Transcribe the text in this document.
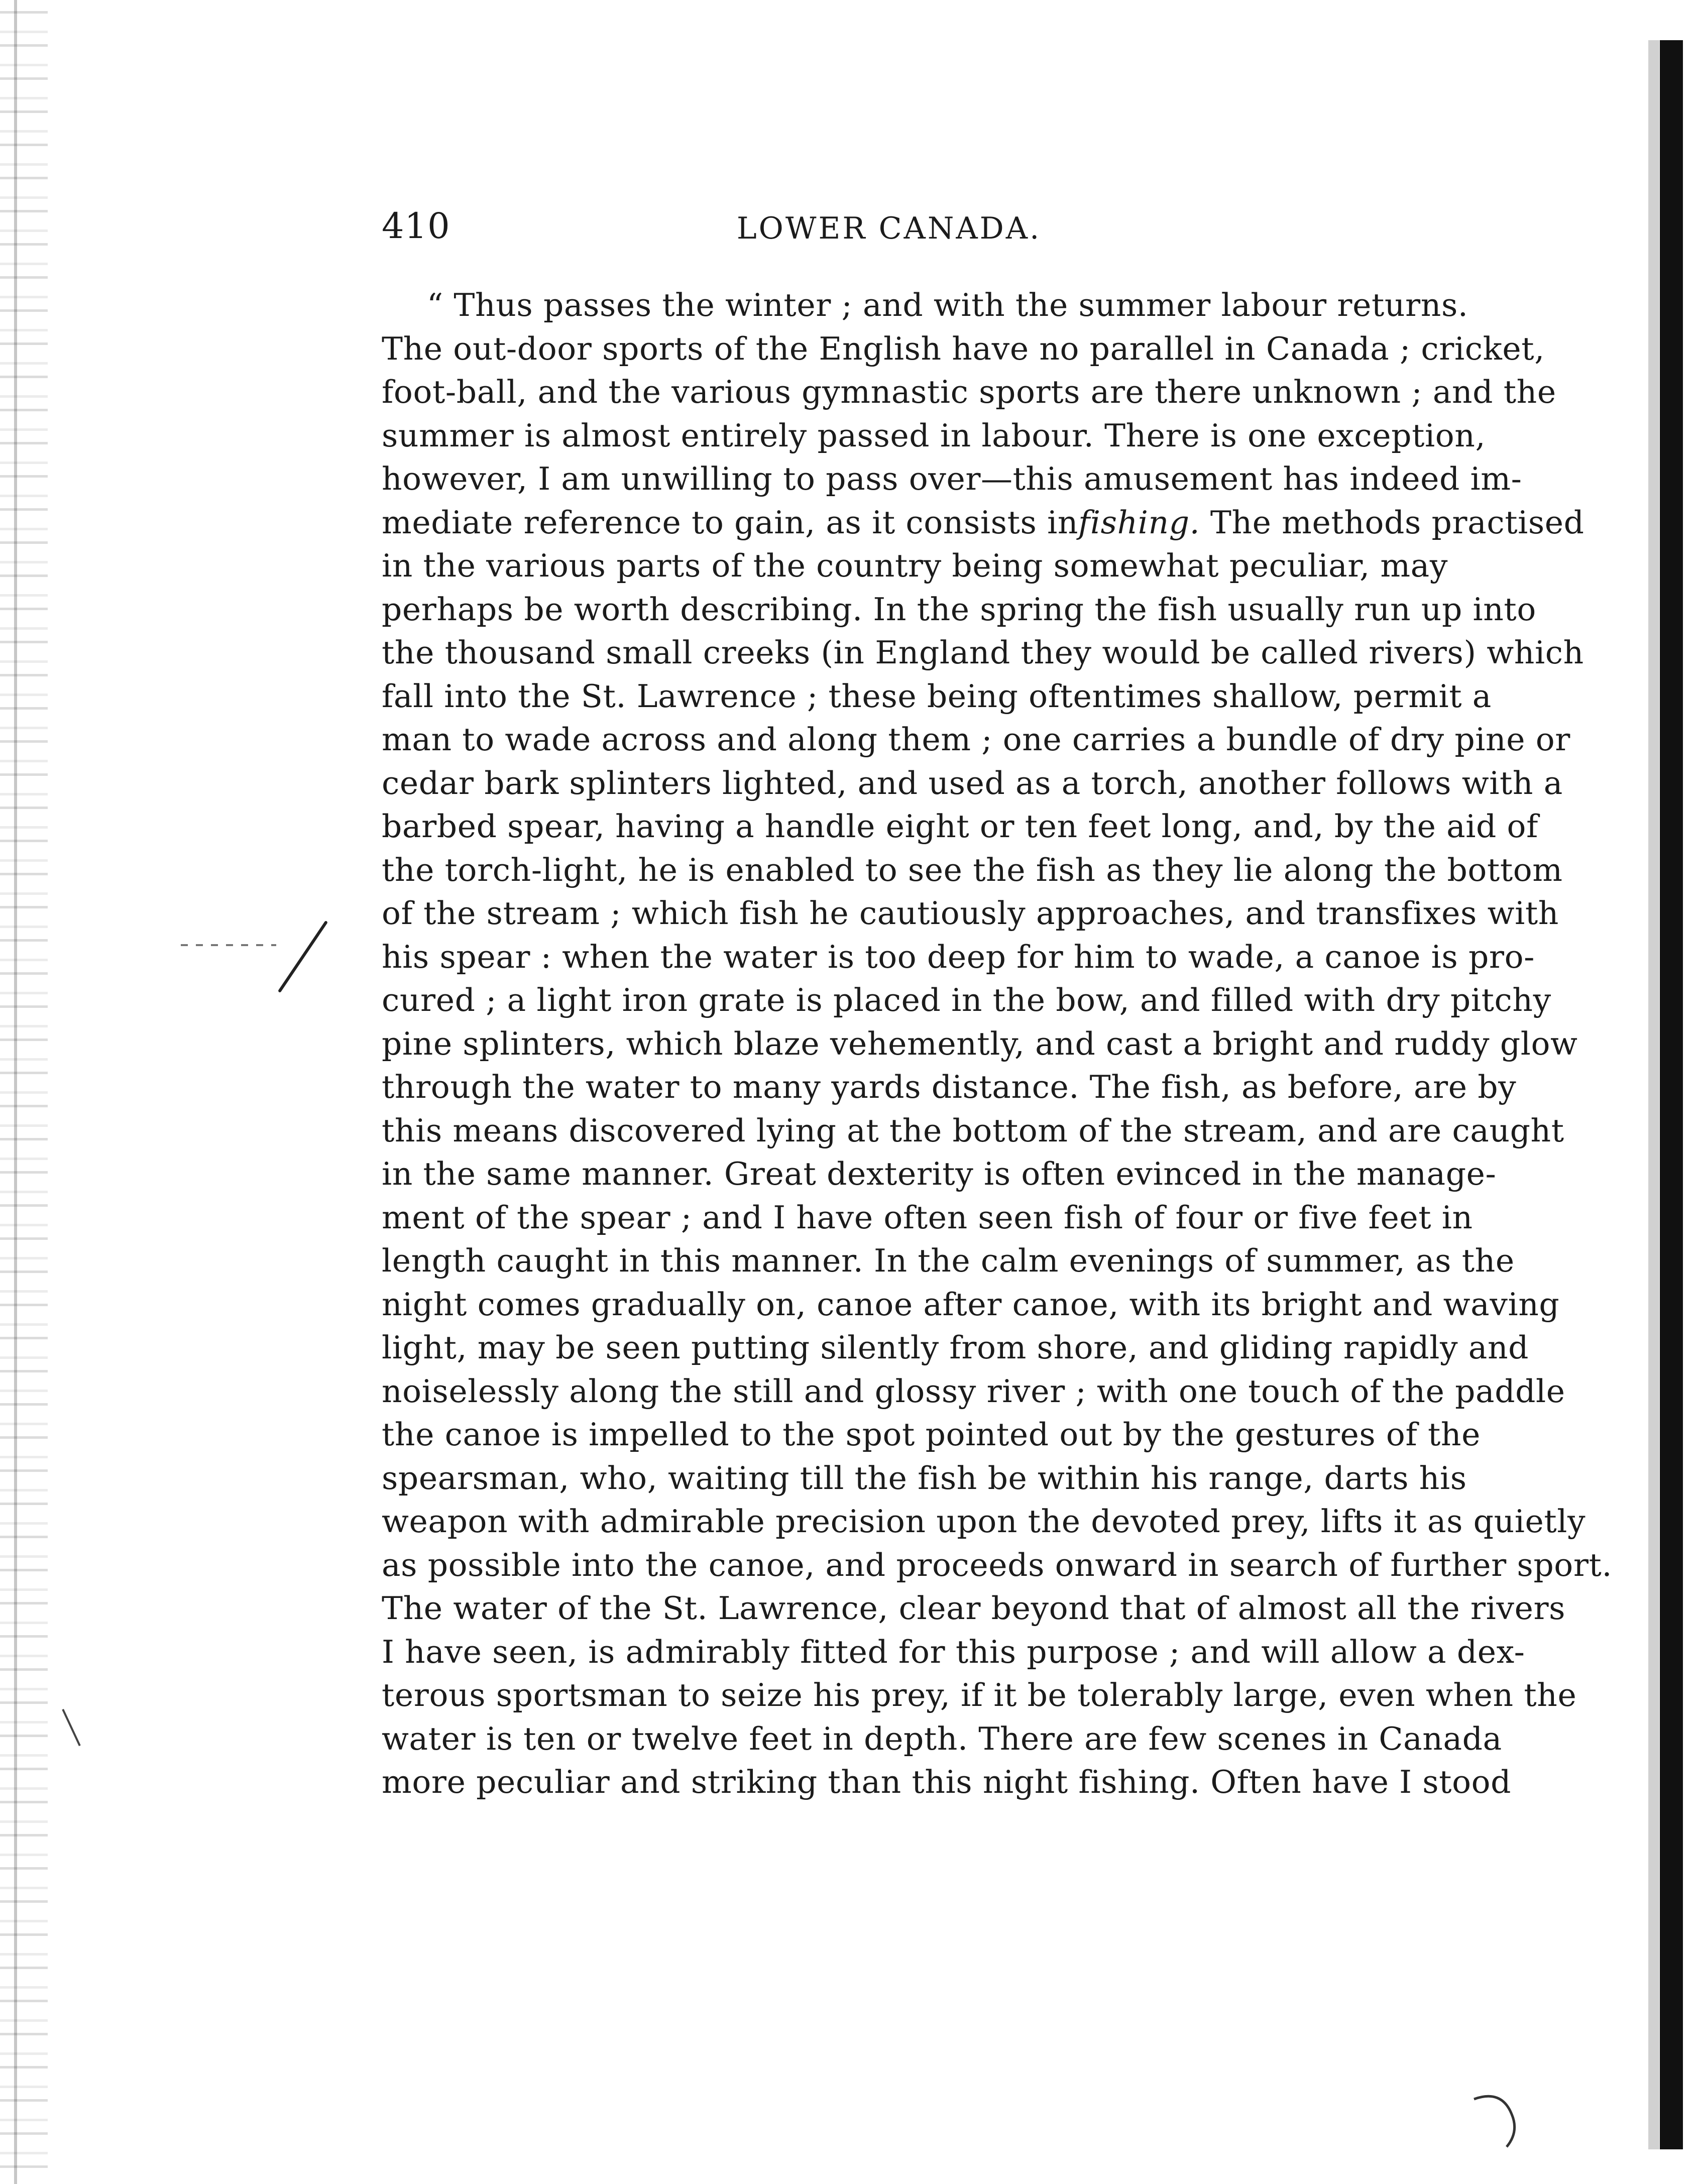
410	LOWER CANADA.
“ Thus passes the winter ; and with the summer labour returns.
The out-door sports of the English have no parallel in Canada ; cricket,
foot-ball, and the various gymnastic sports are there unknown ; and the
summer is almost entirely passed in labour. There is one exception,
however, I am unwilling to pass over—this amusement has indeed im-
mediate reference to gain, as it consists infishing. The methods practised
in the various parts of the country being somewhat peculiar, may
perhaps be worth describing. In the spring the fish usually run up into
the thousand small creeks (in England they would be called rivers) which
fall into the St. Lawrence ; these being oftentimes shallow, permit a
man to wade across and along them ; one carries a bundle of dry pine or
cedar bark splinters lighted, and used as a torch, another follows with a
barbed spear, having a handle eight or ten feet long, and, by the aid of
the torch-light, he is enabled to see the fish as they lie along the bottom
of the stream ; which fish he cautiously approaches, and transfixes with
his spear : when the water is too deep for him to wade, a canoe is pro-
cured ; a light iron grate is placed in the bow, and filled with dry pitchy
pine splinters, which blaze vehemently, and cast a bright and ruddy glow
through the water to many yards distance. The fish, as before, are by
this means discovered lying at the bottom of the stream, and are caught
in the same manner. Great dexterity is often evinced in the manage-
ment of the spear ; and I have often seen fish of four or five feet in
length caught in this manner. In the calm evenings of summer, as the
night comes gradually on, canoe after canoe, with its bright and waving
light, may be seen putting silently from shore, and gliding rapidly and
noiselessly along the still and glossy river ; with one touch of the paddle
the canoe is impelled to the spot pointed out by the gestures of the
spearsman, who, waiting till the fish be within his range, darts his
weapon with admirable precision upon the devoted prey, lifts it as quietly
as possible into the canoe, and proceeds onward in search of further sport.
The water of the St. Lawrence, clear beyond that of almost all the rivers
I have seen, is admirably fitted for this purpose ; and will allow a dex-
terous sportsman to seize his prey, if it be tolerably large, even when the
water is ten or twelve feet in depth. There are few scenes in Canada
more peculiar and striking than this night fishing. Often have I stood
